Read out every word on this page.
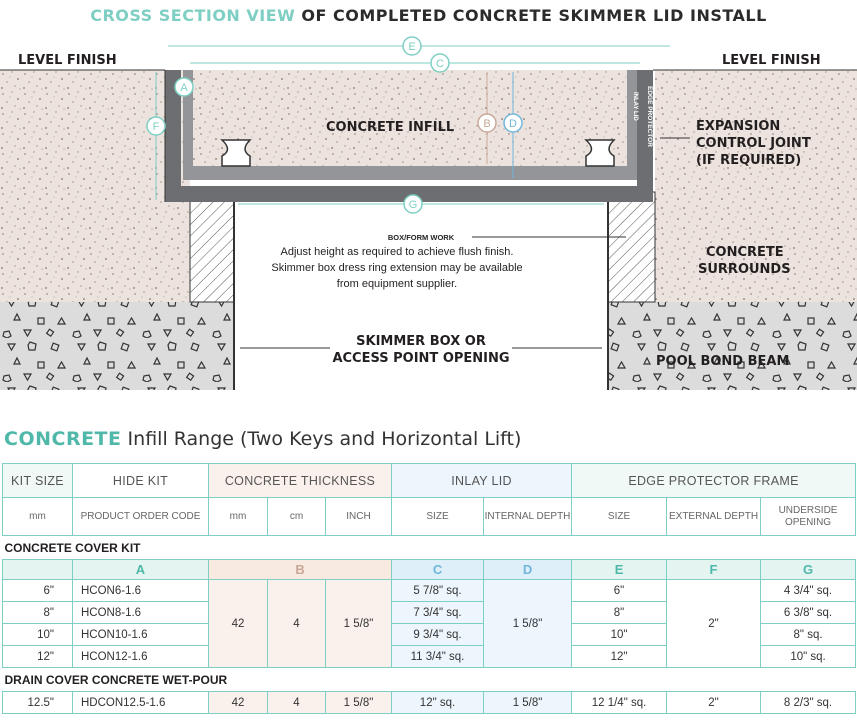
CROSS SECTION VIEW OF COMPLETED CONCRETE SKIMMER LID INSTALL
E
C
A
F	B D
G
INLAY LID EDGE PROTECTOR
LEVEL FINISH	LEVEL FINISH
CONCRETE INFILL	EXPANSION
CONTROL JOINT
(IF REQUIRED)
CONCRETE
SURROUNDS
SKIMMER BOX OR
ACCESS POINT OPENING	POOL BOND BEAM
BOX/FORM WORK
Adjust height as required to achieve flush finish.
Skimmer box dress ring extension may be available
from equipment supplier.
CONCRETE Infill Range (Two Keys and Horizontal Lift)
KIT SIZE	HIDE KIT	CONCRETE THICKNESS			INLAY LID		EDGE PROTECTOR FRAME		
mm	PRODUCT ORDER CODE	mm	cm	INCH	SIZE	INTERNAL DEPTH	SIZE	EXTERNAL DEPTH	UNDERSIDE OPENING
CONCRETE COVER KIT									
	A	B			C	D	E	F	G
6"	HCON6-1.6	42	4	1 5/8"	5 7/8" sq.	1 5/8"	6"	2"	4 3/4" sq.
8"	HCON8-1.6				7 3/4" sq.		8"		6 3/8" sq.
10"	HCON10-1.6				9 3/4" sq.		10"		8" sq.
12"	HCON12-1.6				11 3/4" sq.		12"		10" sq.
DRAIN COVER CONCRETE WET-POUR									
12.5"	HDCON12.5-1.6	42	4	1 5/8"	12" sq.	1 5/8"	12 1/4" sq.	2"	8 2/3" sq.
